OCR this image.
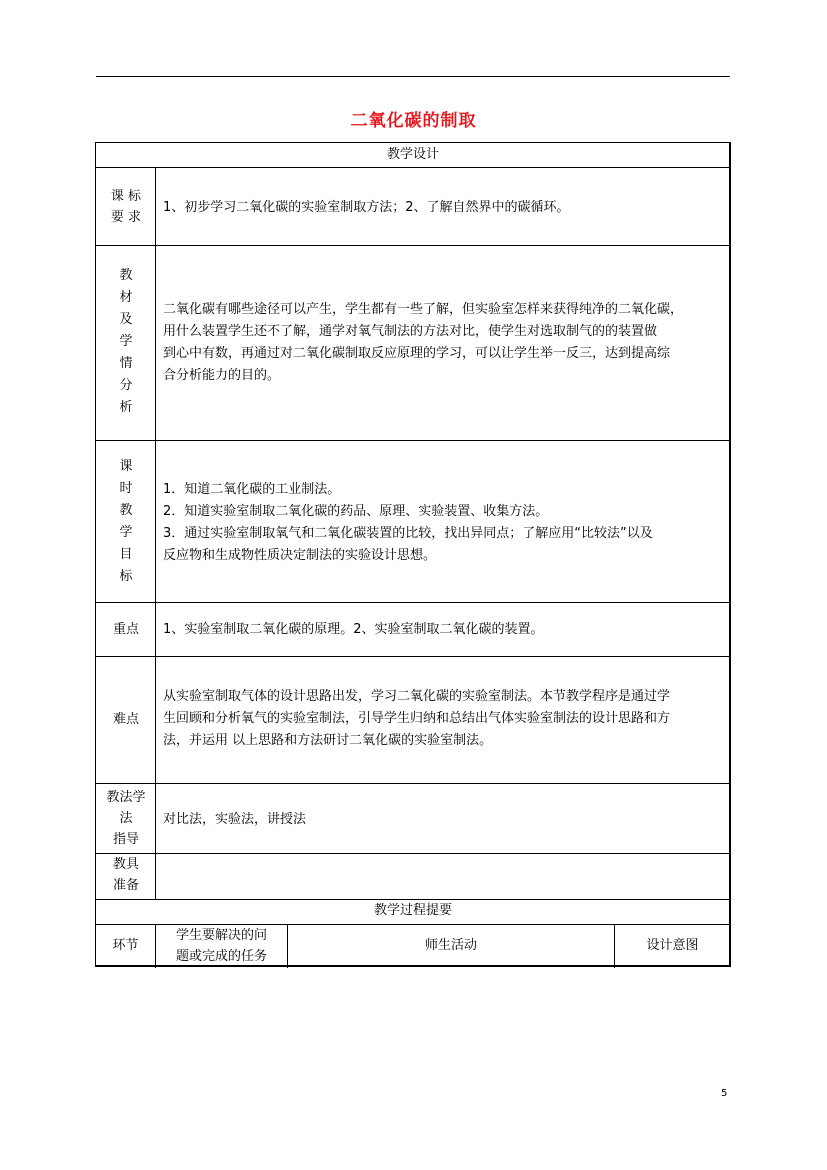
二氧化碳的制取
教学设计
课 标
要 求
1、初步学习二氧化碳的实验室制取方法；2、了解自然界中的碳循环。
教
材
及
学
情
分
析
二氧化碳有哪些途径可以产生，学生都有一些了解，但实验室怎样来获得纯净的二氧化碳，
用什么装置学生还不了解，通学对氧气制法的方法对比，使学生对选取制气的的装置做
到心中有数，再通过对二氧化碳制取反应原理的学习，可以让学生举一反三，达到提高综
合分析能力的目的。
课
时
教
学
目
标
1．知道二氧化碳的工业制法。
2．知道实验室制取二氧化碳的药品、原理、实验装置、收集方法。
3．通过实验室制取氧气和二氧化碳装置的比较，找出异同点；了解应用“比较法”以及
反应物和生成物性质决定制法的实验设计思想。
重点	1、实验室制取二氧化碳的原理。2、实验室制取二氧化碳的装置。
难点
从实验室制取气体的设计思路出发，学习二氧化碳的实验室制法。本节教学程序是通过学
生回顾和分析氧气的实验室制法，引导学生归纳和总结出气体实验室制法的设计思路和方
法，并运用 以上思路和方法研讨二氧化碳的实验室制法。
教法学
法
指导
对比法，实验法，讲授法
教具
准备
教学过程提要
环节
学生要解决的问
题或完成的任务
师生活动	设计意图
5
